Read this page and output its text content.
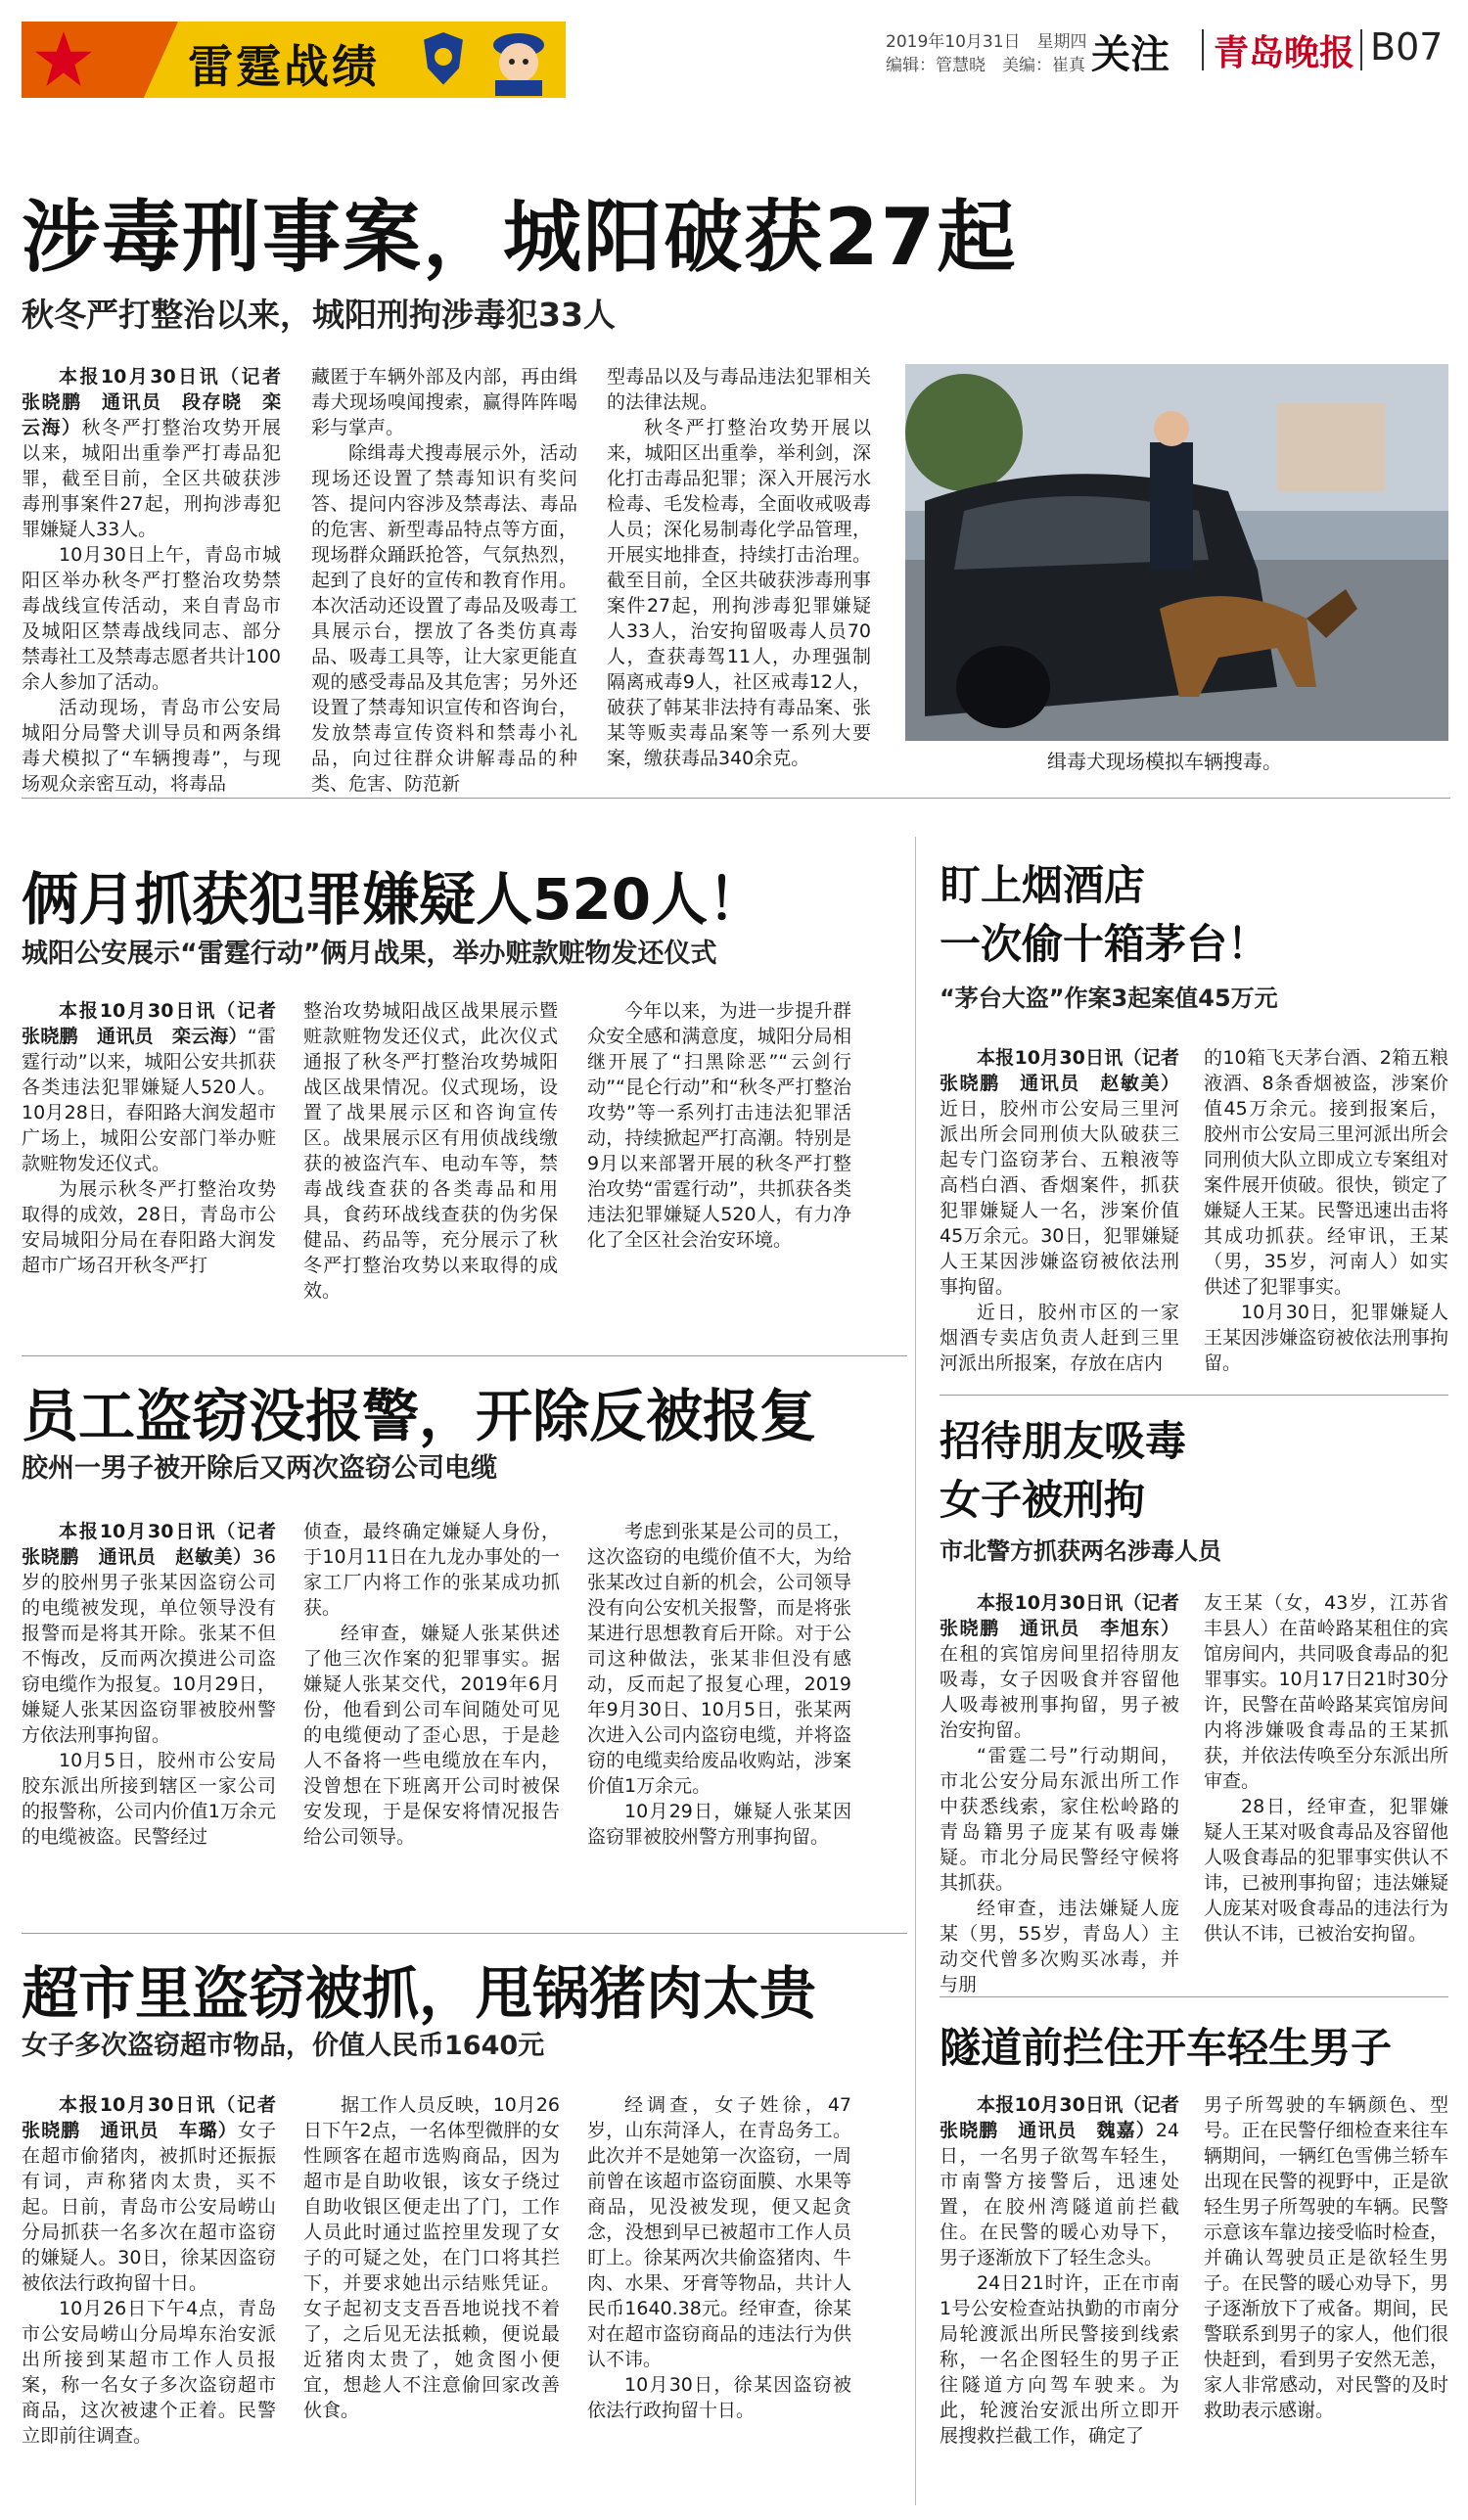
雷霆战绩	2019年10月31日　星期四
编辑：管慧晓　美编：崔真 关注 青岛晚报 B07
涉毒刑事案，城阳破获27起
秋冬严打整治以来，城阳刑拘涉毒犯33人

本报10月30日讯（记者　张晓鹏　通讯员　段存晓　栾云海）秋冬严打整治攻势开展以来，城阳出重拳严打毒品犯罪，截至目前，全区共破获涉毒刑事案件27起，刑拘涉毒犯罪嫌疑人33人。

10月30日上午，青岛市城阳区举办秋冬严打整治攻势禁毒战线宣传活动，来自青岛市及城阳区禁毒战线同志、部分禁毒社工及禁毒志愿者共计100余人参加了活动。

活动现场，青岛市公安局城阳分局警犬训导员和两条缉毒犬模拟了“车辆搜毒”，与现场观众亲密互动，将毒品

藏匿于车辆外部及内部，再由缉毒犬现场嗅闻搜索，赢得阵阵喝彩与掌声。

除缉毒犬搜毒展示外，活动现场还设置了禁毒知识有奖问答、提问内容涉及禁毒法、毒品的危害、新型毒品特点等方面，现场群众踊跃抢答，气氛热烈，起到了良好的宣传和教育作用。本次活动还设置了毒品及吸毒工具展示台，摆放了各类仿真毒品、吸毒工具等，让大家更能直观的感受毒品及其危害；另外还设置了禁毒知识宣传和咨询台，发放禁毒宣传资料和禁毒小礼品，向过往群众讲解毒品的种类、危害、防范新

型毒品以及与毒品违法犯罪相关的法律法规。

秋冬严打整治攻势开展以来，城阳区出重拳，举利剑，深化打击毒品犯罪；深入开展污水检毒、毛发检毒，全面收戒吸毒人员；深化易制毒化学品管理，开展实地排查，持续打击治理。截至目前，全区共破获涉毒刑事案件27起，刑拘涉毒犯罪嫌疑人33人，治安拘留吸毒人员70人，查获毒驾11人，办理强制隔离戒毒9人，社区戒毒12人，破获了韩某非法持有毒品案、张某等贩卖毒品案等一系列大要案，缴获毒品340余克。	缉毒犬现场模拟车辆搜毒。
俩月抓获犯罪嫌疑人520人！
城阳公安展示“雷霆行动”俩月战果，举办赃款赃物发还仪式

本报10月30日讯（记者　张晓鹏　通讯员　栾云海）“雷霆行动”以来，城阳公安共抓获各类违法犯罪嫌疑人520人。10月28日，春阳路大润发超市广场上，城阳公安部门举办赃款赃物发还仪式。

为展示秋冬严打整治攻势取得的成效，28日，青岛市公安局城阳分局在春阳路大润发超市广场召开秋冬严打

整治攻势城阳战区战果展示暨赃款赃物发还仪式，此次仪式通报了秋冬严打整治攻势城阳战区战果情况。仪式现场，设置了战果展示区和咨询宣传区。战果展示区有用侦战线缴获的被盗汽车、电动车等，禁毒战线查获的各类毒品和用具，食药环战线查获的伪劣保健品、药品等，充分展示了秋冬严打整治攻势以来取得的成效。

今年以来，为进一步提升群众安全感和满意度，城阳分局相继开展了“扫黑除恶”“云剑行动”“昆仑行动”和“秋冬严打整治攻势”等一系列打击违法犯罪活动，持续掀起严打高潮。特别是9月以来部署开展的秋冬严打整治攻势“雷霆行动”，共抓获各类违法犯罪嫌疑人520人，有力净化了全区社会治安环境。

盯上烟酒店
一次偷十箱茅台！
“茅台大盗”作案3起案值45万元

本报10月30日讯（记者　张晓鹏　通讯员　赵敏美）近日，胶州市公安局三里河派出所会同刑侦大队破获三起专门盗窃茅台、五粮液等高档白酒、香烟案件，抓获犯罪嫌疑人一名，涉案价值45万余元。30日，犯罪嫌疑人王某因涉嫌盗窃被依法刑事拘留。

近日，胶州市区的一家烟酒专卖店负责人赶到三里河派出所报案，存放在店内

的10箱飞天茅台酒、2箱五粮液酒、8条香烟被盗，涉案价值45万余元。接到报案后，胶州市公安局三里河派出所会同刑侦大队立即成立专案组对案件展开侦破。很快，锁定了嫌疑人王某。民警迅速出击将其成功抓获。经审讯，王某（男，35岁，河南人）如实供述了犯罪事实。

10月30日，犯罪嫌疑人王某因涉嫌盗窃被依法刑事拘留。

员工盗窃没报警，开除反被报复
胶州一男子被开除后又两次盗窃公司电缆

本报10月30日讯（记者　张晓鹏　通讯员　赵敏美）36岁的胶州男子张某因盗窃公司的电缆被发现，单位领导没有报警而是将其开除。张某不但不悔改，反而两次摸进公司盗窃电缆作为报复。10月29日，嫌疑人张某因盗窃罪被胶州警方依法刑事拘留。

10月5日，胶州市公安局胶东派出所接到辖区一家公司的报警称，公司内价值1万余元的电缆被盗。民警经过

侦查，最终确定嫌疑人身份，于10月11日在九龙办事处的一家工厂内将工作的张某成功抓获。

经审查，嫌疑人张某供述了他三次作案的犯罪事实。据嫌疑人张某交代，2019年6月份，他看到公司车间随处可见的电缆便动了歪心思，于是趁人不备将一些电缆放在车内，没曾想在下班离开公司时被保安发现，于是保安将情况报告给公司领导。

考虑到张某是公司的员工，这次盗窃的电缆价值不大，为给张某改过自新的机会，公司领导没有向公安机关报警，而是将张某进行思想教育后开除。对于公司这种做法，张某非但没有感动，反而起了报复心理，2019年9月30日、10月5日，张某两次进入公司内盗窃电缆，并将盗窃的电缆卖给废品收购站，涉案价值1万余元。

10月29日，嫌疑人张某因盗窃罪被胶州警方刑事拘留。

招待朋友吸毒
女子被刑拘
市北警方抓获两名涉毒人员

本报10月30日讯（记者　张晓鹏　通讯员　李旭东）在租的宾馆房间里招待朋友吸毒，女子因吸食并容留他人吸毒被刑事拘留，男子被治安拘留。

“雷霆二号”行动期间，市北公安分局东派出所工作中获悉线索，家住松岭路的青岛籍男子庞某有吸毒嫌疑。市北分局民警经守候将其抓获。

经审查，违法嫌疑人庞某（男，55岁，青岛人）主动交代曾多次购买冰毒，并与朋

友王某（女，43岁，江苏省丰县人）在苗岭路某租住的宾馆房间内，共同吸食毒品的犯罪事实。10月17日21时30分许，民警在苗岭路某宾馆房间内将涉嫌吸食毒品的王某抓获，并依法传唤至分东派出所审查。

28日，经审查，犯罪嫌疑人王某对吸食毒品及容留他人吸食毒品的犯罪事实供认不讳，已被刑事拘留；违法嫌疑人庞某对吸食毒品的违法行为供认不讳，已被治安拘留。

超市里盗窃被抓，甩锅猪肉太贵
女子多次盗窃超市物品，价值人民币1640元

本报10月30日讯（记者　张晓鹏　通讯员　车璐）女子在超市偷猪肉，被抓时还振振有词，声称猪肉太贵，买不起。日前，青岛市公安局崂山分局抓获一名多次在超市盗窃的嫌疑人。30日，徐某因盗窃被依法行政拘留十日。

10月26日下午4点，青岛市公安局崂山分局埠东治安派出所接到某超市工作人员报案，称一名女子多次盗窃超市商品，这次被逮个正着。民警立即前往调查。

据工作人员反映，10月26日下午2点，一名体型微胖的女性顾客在超市选购商品，因为超市是自助收银，该女子绕过自助收银区便走出了门，工作人员此时通过监控里发现了女子的可疑之处，在门口将其拦下，并要求她出示结账凭证。女子起初支支吾吾地说找不着了，之后见无法抵赖，便说最近猪肉太贵了，她贪图小便宜，想趁人不注意偷回家改善伙食。

经调查，女子姓徐，47岁，山东菏泽人，在青岛务工。此次并不是她第一次盗窃，一周前曾在该超市盗窃面膜、水果等商品，见没被发现，便又起贪念，没想到早已被超市工作人员盯上。徐某两次共偷盗猪肉、牛肉、水果、牙膏等物品，共计人民币1640.38元。经审查，徐某对在超市盗窃商品的违法行为供认不讳。

10月30日，徐某因盗窃被依法行政拘留十日。

隧道前拦住开车轻生男子

本报10月30日讯（记者　张晓鹏　通讯员　魏嘉）24日，一名男子欲驾车轻生，市南警方接警后，迅速处置，在胶州湾隧道前拦截住。在民警的暖心劝导下，男子逐渐放下了轻生念头。

24日21时许，正在市南1号公安检查站执勤的市南分局轮渡派出所民警接到线索称，一名企图轻生的男子正往隧道方向驾车驶来。为此，轮渡治安派出所立即开展搜救拦截工作，确定了

男子所驾驶的车辆颜色、型号。正在民警仔细检查来往车辆期间，一辆红色雪佛兰轿车出现在民警的视野中，正是欲轻生男子所驾驶的车辆。民警示意该车靠边接受临时检查，并确认驾驶员正是欲轻生男子。在民警的暖心劝导下，男子逐渐放下了戒备。期间，民警联系到男子的家人，他们很快赶到，看到男子安然无恙，家人非常感动，对民警的及时救助表示感谢。
